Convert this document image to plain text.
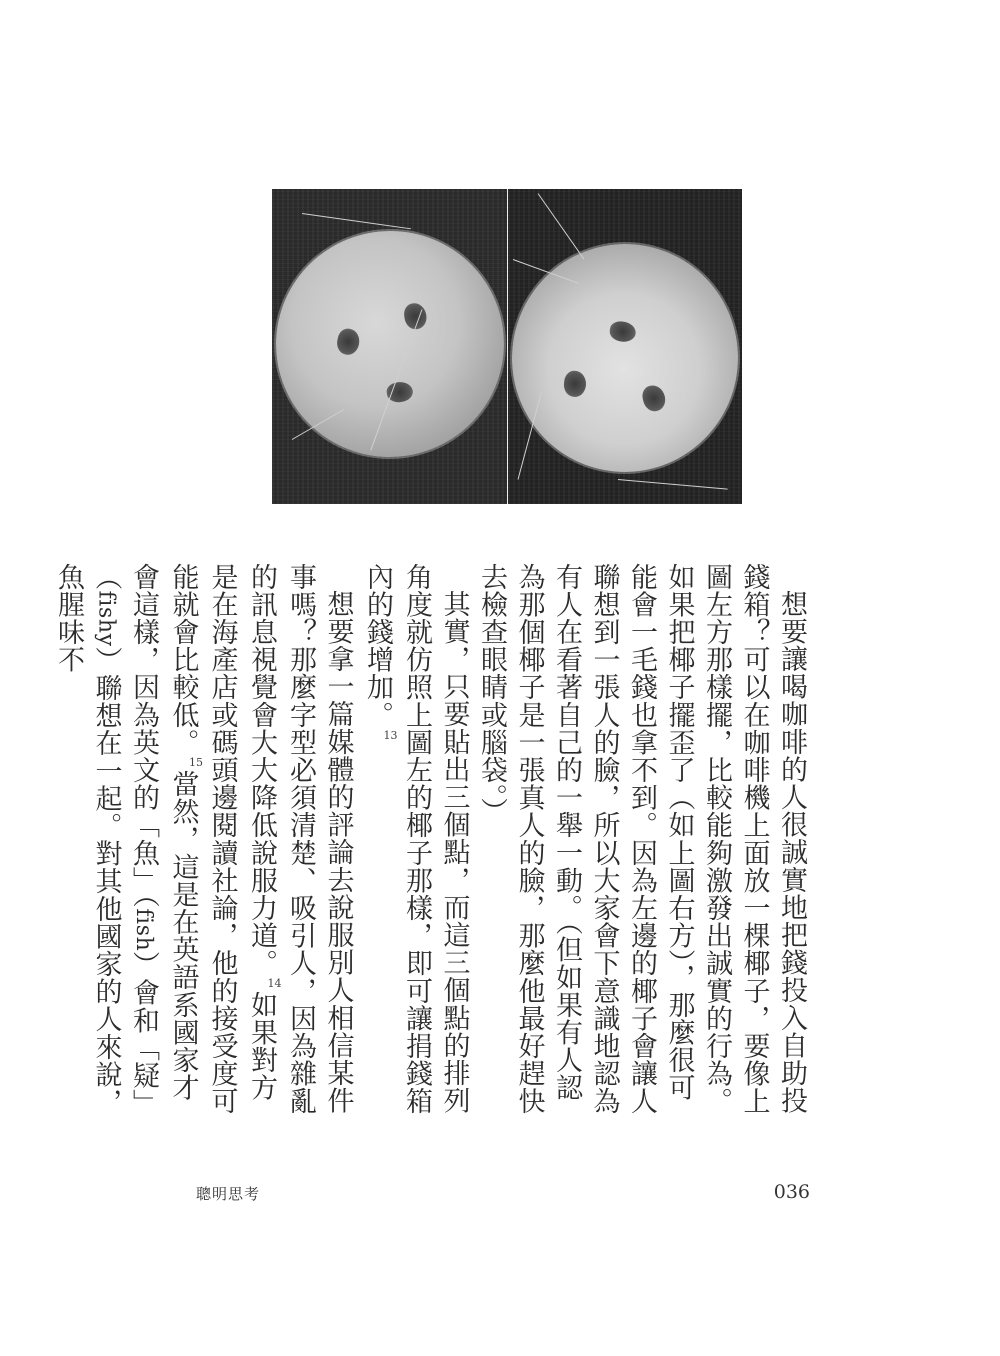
想要讓喝咖啡的人很誠實地把錢投入自助投錢箱？可以在咖啡機上面放一棵椰子，要像上圖左方那樣擺，比較能夠激發出誠實的行為。如果把椰子擺歪了（如上圖右方），那麼很可能會一毛錢也拿不到。因為左邊的椰子會讓人聯想到一張人的臉，所以大家會下意識地認為有人在看著自己的一舉一動。（但如果有人認為那個椰子是一張真人的臉，那麼他最好趕快去檢查眼睛或腦袋。）

其實，只要貼出三個點，而這三個點的排列角度就仿照上圖左的椰子那樣，即可讓捐錢箱內的錢增加。13

想要拿一篇媒體的評論去說服別人相信某件事嗎？那麼字型必須清楚、吸引人，因為雜亂的訊息視覺會大大降低說服力道。14如果對方是在海產店或碼頭邊閱讀社論，他的接受度可能就會比較低。15當然，這是在英語系國家才會這樣，因為英文的「魚」（fish）會和「疑」（fishy）聯想在一起。對其他國家的人來說，魚腥味不

聰明思考	036
